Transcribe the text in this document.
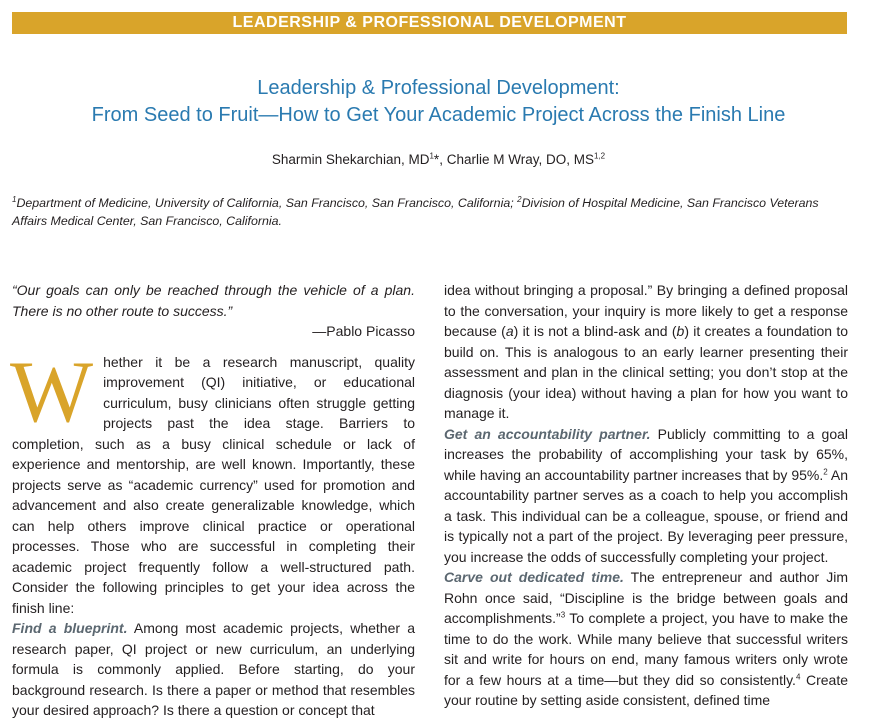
LEADERSHIP & PROFESSIONAL DEVELOPMENT
Leadership & Professional Development:
From Seed to Fruit—How to Get Your Academic Project Across the Finish Line
Sharmin Shekarchian, $MD^1*$, Charlie M Wray, DO, MS$^{1,2}$
$^1$Department of Medicine, University of California, San Francisco, San Francisco, California; $^2$Division of Hospital Medicine, San Francisco Veterans Affairs Medical Center, San Francisco, California.

“Our goals can only be reached through the vehicle of a plan. There is no other route to success.”

—Pablo Picasso

Whether it be a research manuscript, quality improvement (QI) initiative, or educational curriculum, busy clinicians often struggle getting projects past the idea stage. Barriers to completion, such as a busy clinical schedule or lack of experience and mentorship, are well known. Importantly, these projects serve as “academic currency” used for promotion and advancement and also create generalizable knowledge, which can help others improve clinical practice or operational processes. Those who are successful in completing their academic project frequently follow a well-structured path. Consider the following principles to get your idea across the finish line:

Find a blueprint. Among most academic projects, whether a research paper, QI project or new curriculum, an underlying formula is commonly applied. Before starting, do your background research. Is there a paper or method that resembles your desired approach? Is there a question or concept that

idea without bringing a proposal.” By bringing a defined proposal to the conversation, your inquiry is more likely to get a response because (a) it is not a blind-ask and (b) it creates a foundation to build on. This is analogous to an early learner presenting their assessment and plan in the clinical setting; you don’t stop at the diagnosis (your idea) without having a plan for how you want to manage it.

Get an accountability partner. Publicly committing to a goal increases the probability of accomplishing your task by 65%, while having an accountability partner increases that by 95%.$^2$ An accountability partner serves as a coach to help you accomplish a task. This individual can be a colleague, spouse, or friend and is typically not a part of the project. By leveraging peer pressure, you increase the odds of successfully completing your project.

Carve out dedicated time. The entrepreneur and author Jim Rohn once said, “Discipline is the bridge between goals and accomplishments.”$^3$ To complete a project, you have to make the time to do the work. While many believe that successful writers sit and write for hours on end, many famous writers only wrote for a few hours at a time—but they did so consistently.$^4$ Create your routine by setting aside consistent, defined time
